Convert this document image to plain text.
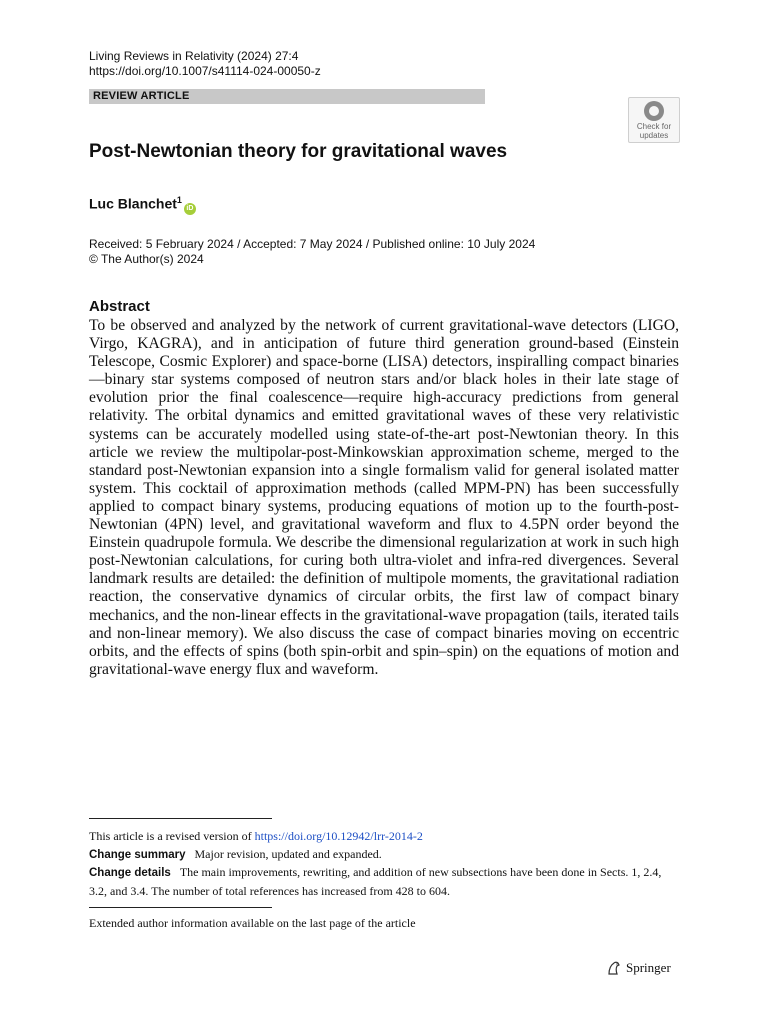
Living Reviews in Relativity (2024) 27:4
https://doi.org/10.1007/s41114-024-00050-z
REVIEW ARTICLE
Check for
updates
Post-Newtonian theory for gravitational waves
Luc Blanchet$^1$iD
Received: 5 February 2024 / Accepted: 7 May 2024 / Published online: 10 July 2024
© The Author(s) 2024
Abstract
To be observed and analyzed by the network of current gravitational-wave detectors (LIGO, Virgo, KAGRA), and in anticipation of future third generation ground-based (Einstein Telescope, Cosmic Explorer) and space-borne (LISA) detectors, inspiralling compact binaries—binary star systems composed of neutron stars and/or black holes in their late stage of evolution prior the final coalescence—require high-accuracy predictions from general relativity. The orbital dynamics and emitted gravitational waves of these very relativistic systems can be accurately modelled using state-of-the-art post-Newtonian theory. In this article we review the multipolar-post-Minkowskian approximation scheme, merged to the standard post-Newtonian expansion into a single formalism valid for general isolated matter system. This cocktail of approximation methods (called MPM-PN) has been successfully applied to compact binary systems, producing equations of motion up to the fourth-post-Newtonian (4PN) level, and gravitational waveform and flux to 4.5PN order beyond the Einstein quadrupole formula. We describe the dimensional regularization at work in such high post-Newtonian calculations, for curing both ultra-violet and infra-red divergences. Several landmark results are detailed: the definition of multipole moments, the gravitational radiation reaction, the conservative dynamics of circular orbits, the first law of compact binary mechanics, and the non-linear effects in the gravitational-wave propagation (tails, iterated tails and non-linear memory). We also discuss the case of compact binaries moving on eccentric orbits, and the effects of spins (both spin-orbit and spin–spin) on the equations of motion and gravitational-wave energy flux and waveform.

This article is a revised version of https://doi.org/10.12942/lrr-2014-2

Change summary Major revision, updated and expanded.

Change details The main improvements, rewriting, and addition of new subsections have been done in Sects. 1, 2.4, 3.2, and 3.4. The number of total references has increased from 428 to 604.

Extended author information available on the last page of the article
Springer
